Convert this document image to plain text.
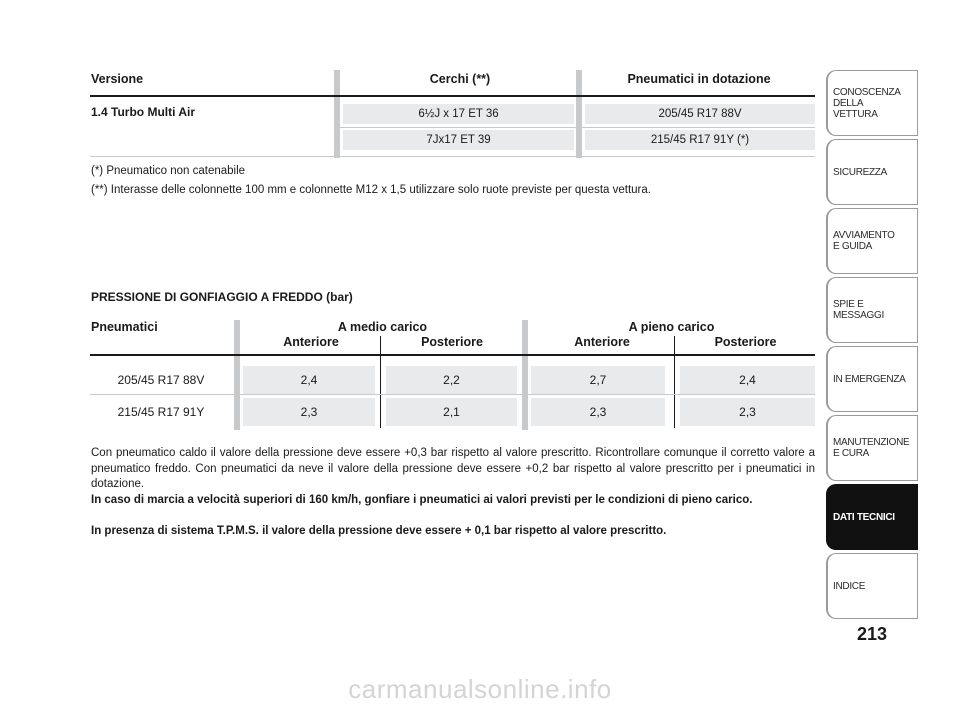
Versione	Cerchi (**)	Pneumatici in dotazione
1.4 Turbo Multi Air	6½J x 17 ET 36	205/45 R17 88V
7Jx17 ET 39	215/45 R17 91Y (*)
(*) Pneumatico non catenabile
(**) Interasse delle colonnette 100 mm e colonnette M12 x 1,5 utilizzare solo ruote previste per questa vettura.
PRESSIONE DI GONFIAGGIO A FREDDO (bar)
Pneumatici	A medio carico	A pieno carico
Anteriore	Posteriore	Anteriore	Posteriore
205/45 R17 88V	2,4	2,2	2,7	2,4
215/45 R17 91Y	2,3	2,1	2,3	2,3
Con pneumatico caldo il valore della pressione deve essere +0,3 bar rispetto al valore prescritto. Ricontrollare comunque il corretto valore a pneumatico freddo. Con pneumatici da neve il valore della pressione deve essere +0,2 bar rispetto al valore prescritto per i pneumatici in dotazione.
In caso di marcia a velocità superiori di 160 km/h, gonfiare i pneumatici ai valori previsti per le condizioni di pieno carico.
In presenza di sistema T.P.M.S. il valore della pressione deve essere + 0,1 bar rispetto al valore prescritto.
CONOSCENZA
DELLA
VETTURA
SICUREZZA
AVVIAMENTO
E GUIDA
SPIE E
MESSAGGI
IN EMERGENZA
MANUTENZIONE
E CURA
DATI TECNICI
INDICE
213
carmanualsonline.info
